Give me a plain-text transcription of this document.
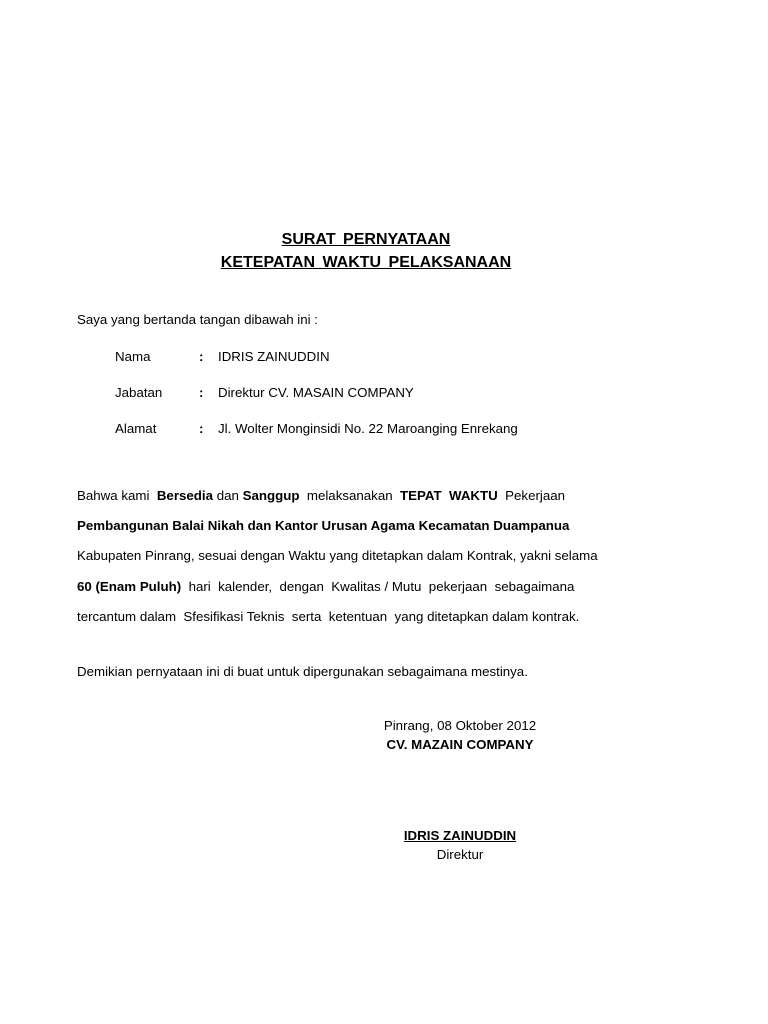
SURAT PERNYATAAN
KETEPATAN WAKTU PELAKSANAAN
Saya yang bertanda tangan dibawah ini :
Nama	: IDRIS ZAINUDDIN
Jabatan	: Direktur CV. MASAIN COMPANY
Alamat	: Jl. Wolter Monginsidi No. 22 Maroanging Enrekang
Bahwa kami  Bersedia dan Sanggup  melaksanakan  TEPAT  WAKTU  Pekerjaan
Pembangunan Balai Nikah dan Kantor Urusan Agama Kecamatan Duampanua
Kabupaten Pinrang, sesuai dengan Waktu yang ditetapkan dalam Kontrak, yakni selama
60 (Enam Puluh)  hari  kalender,  dengan  Kwalitas / Mutu  pekerjaan  sebagaimana
tercantum dalam  Sfesifikasi Teknis  serta  ketentuan  yang ditetapkan dalam kontrak.
Demikian pernyataan ini di buat untuk dipergunakan sebagaimana mestinya.
Pinrang, 08 Oktober 2012
CV. MAZAIN COMPANY
IDRIS ZAINUDDIN
Direktur
